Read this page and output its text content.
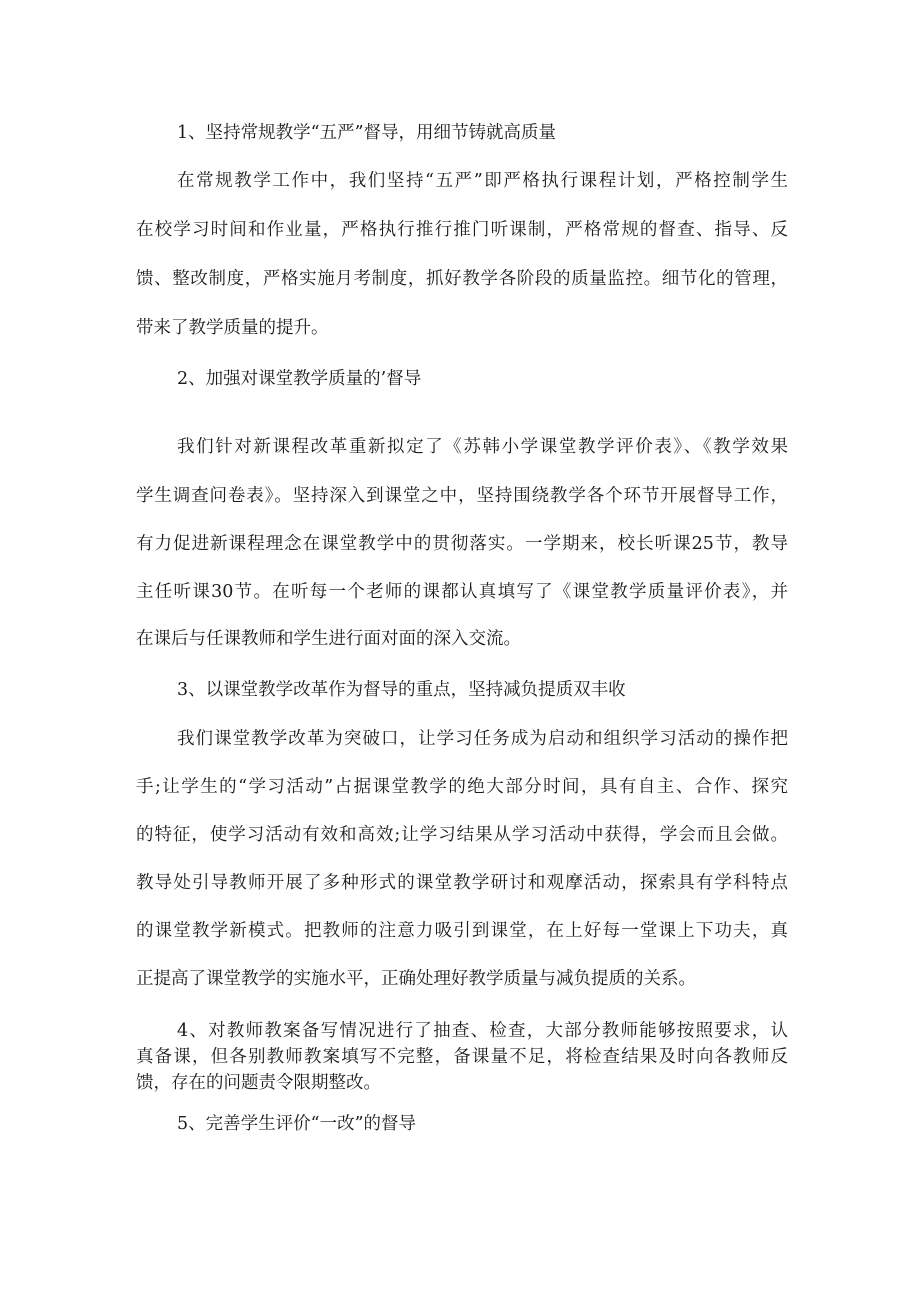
1、坚持常规教学“五严”督导，用细节铸就高质量

在常规教学工作中，我们坚持“五严”即严格执行课程计划，严格控制学生

在校学习时间和作业量，严格执行推行推门听课制，严格常规的督查、指导、反

馈、整改制度，严格实施月考制度，抓好教学各阶段的质量监控。细节化的管理，

带来了教学质量的提升。

2、加强对课堂教学质量的’督导

我们针对新课程改革重新拟定了《苏韩小学课堂教学评价表》、《教学效果

学生调查问卷表》。坚持深入到课堂之中，坚持围绕教学各个环节开展督导工作，

有力促进新课程理念在课堂教学中的贯彻落实。一学期来，校长听课25节，教导

主任听课30节。在听每一个老师的课都认真填写了《课堂教学质量评价表》，并

在课后与任课教师和学生进行面对面的深入交流。

3、以课堂教学改革作为督导的重点，坚持减负提质双丰收

我们课堂教学改革为突破口，让学习任务成为启动和组织学习活动的操作把

手;让学生的“学习活动”占据课堂教学的绝大部分时间，具有自主、合作、探究

的特征，使学习活动有效和高效;让学习结果从学习活动中获得，学会而且会做。

教导处引导教师开展了多种形式的课堂教学研讨和观摩活动，探索具有学科特点

的课堂教学新模式。把教师的注意力吸引到课堂，在上好每一堂课上下功夫，真

正提高了课堂教学的实施水平，正确处理好教学质量与减负提质的关系。

4、对教师教案备写情况进行了抽查、检查，大部分教师能够按照要求，认

真备课，但各别教师教案填写不完整，备课量不足，将检查结果及时向各教师反

馈，存在的问题责令限期整改。

5、完善学生评价“一改”的督导
